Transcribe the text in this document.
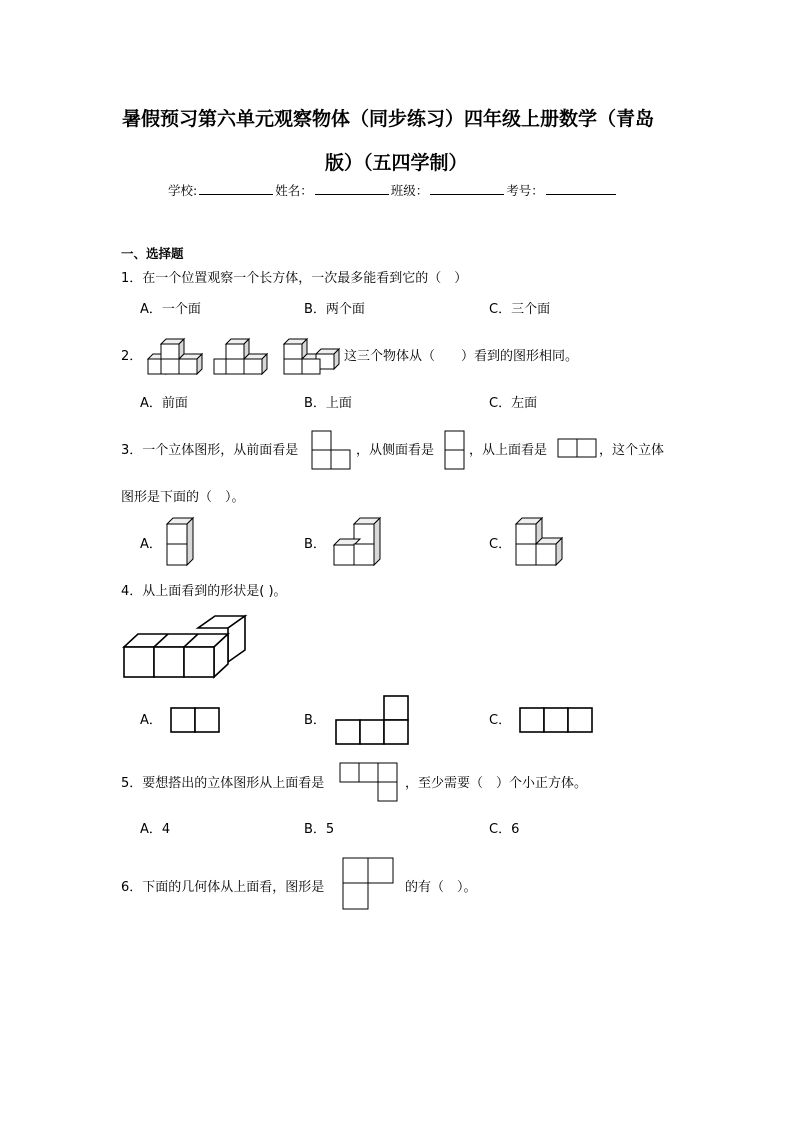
暑假预习第六单元观察物体（同步练习）四年级上册数学（青岛
版）（五四学制）
学校:	姓名：	班级：	考号：
一、选择题
1．在一个位置观察一个长方体，一次最多能看到它的（　）
A．一个面	B．两个面	C．三个面
2．	这三个物体从（　　）看到的图形相同。
A．前面	B．上面	C．左面
3．一个立体图形，从前面看是	，从侧面看是	，从上面看是	，这个立体
图形是下面的（　）。
A．	B．	C．
4．从上面看到的形状是( )。
A．	B．	C．
5．要想搭出的立体图形从上面看是	，至少需要（　）个小正方体。
A．4	B．5	C．6
6．下面的几何体从上面看，图形是	的有（　）。
